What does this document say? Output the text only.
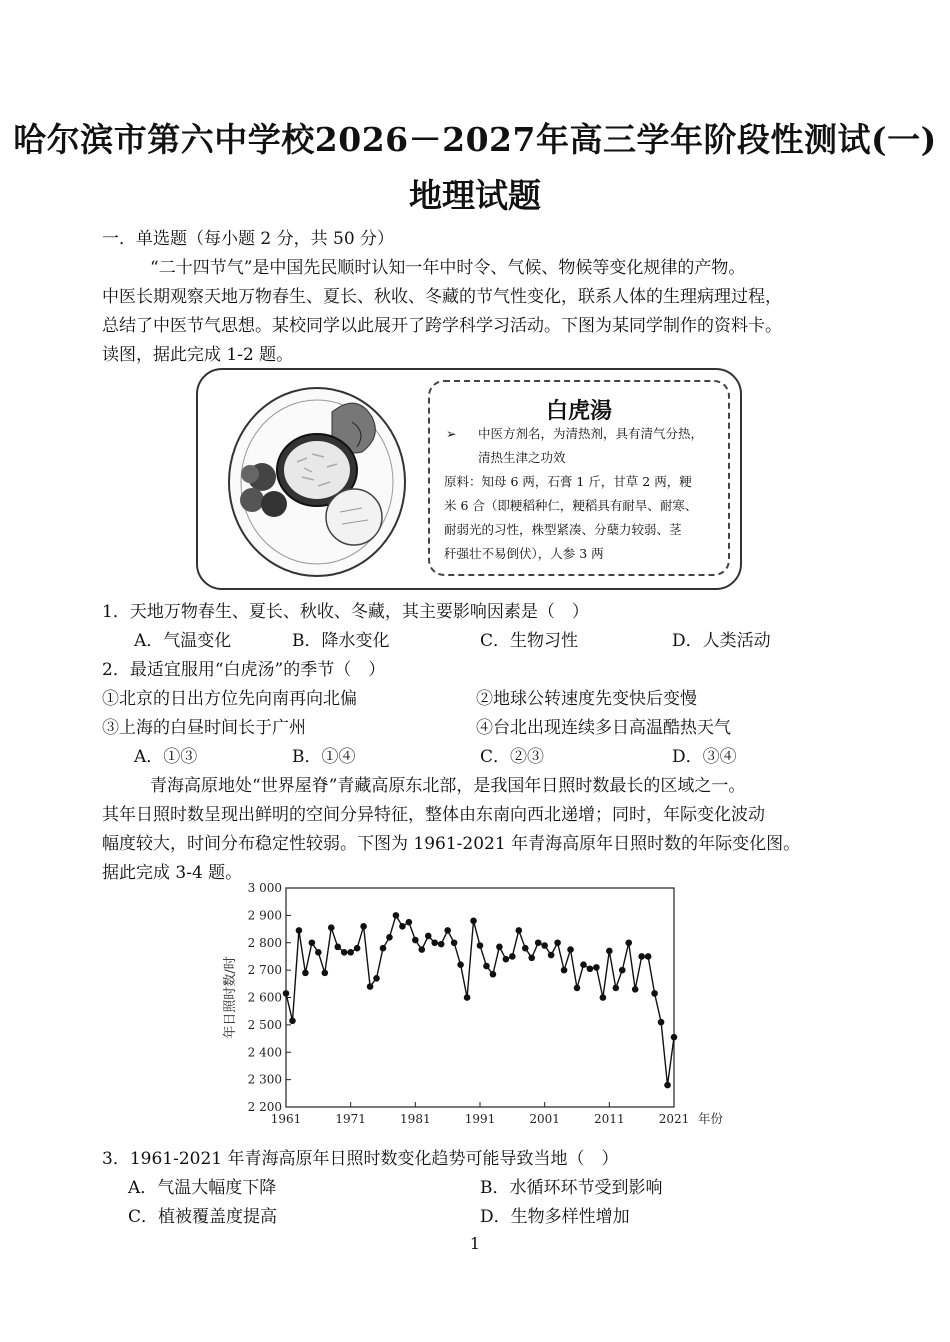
哈尔滨市第六中学校2026－2027年高三学年阶段性测试(一)
地理试题
一．单选题（每小题 2 分，共 50 分）
“二十四节气”是中国先民顺时认知一年中时令、气候、物候等变化规律的产物。
中医长期观察天地万物春生、夏长、秋收、冬藏的节气性变化，联系人体的生理病理过程，
总结了中医节气思想。某校同学以此展开了跨学科学习活动。下图为某同学制作的资料卡。
读图，据此完成 1-2 题。
白虎湯
➢	中医方剂名，为清热剂，具有清气分热，
清热生津之功效
原料：知母 6 两，石膏 1 斤，甘草 2 两，粳
米 6 合（即粳稻种仁，粳稻具有耐旱、耐寒、
耐弱光的习性，株型紧凑、分蘖力较弱、茎
秆强壮不易倒伏），人参 3 两
1．天地万物春生、夏长、秋收、冬藏，其主要影响因素是（　）
A．气温变化	B．降水变化	C．生物习性	D．人类活动
2．最适宜服用“白虎汤”的季节（　）
①北京的日出方位先向南再向北偏	②地球公转速度先变快后变慢
③上海的白昼时间长于广州	④台北出现连续多日高温酷热天气
A．①③	B．①④	C．②③	D．③④
青海高原地处“世界屋脊”青藏高原东北部，是我国年日照时数最长的区域之一。
其年日照时数呈现出鲜明的空间分异特征，整体由东南向西北递增；同时，年际变化波动
幅度较大，时间分布稳定性较弱。下图为 1961-2021 年青海高原年日照时数的年际变化图。
据此完成 3-4 题。
2 200
2 300
2 400
2 500
2 600
2 700
2 800
2 900
3 000
1961	1971	1981	1991	2001	2011	2021 年份
年日照时数/时
3．1961-2021 年青海高原年日照时数变化趋势可能导致当地（　）
A．气温大幅度下降	B．水循环环节受到影响
C．植被覆盖度提高	D．生物多样性增加
1
